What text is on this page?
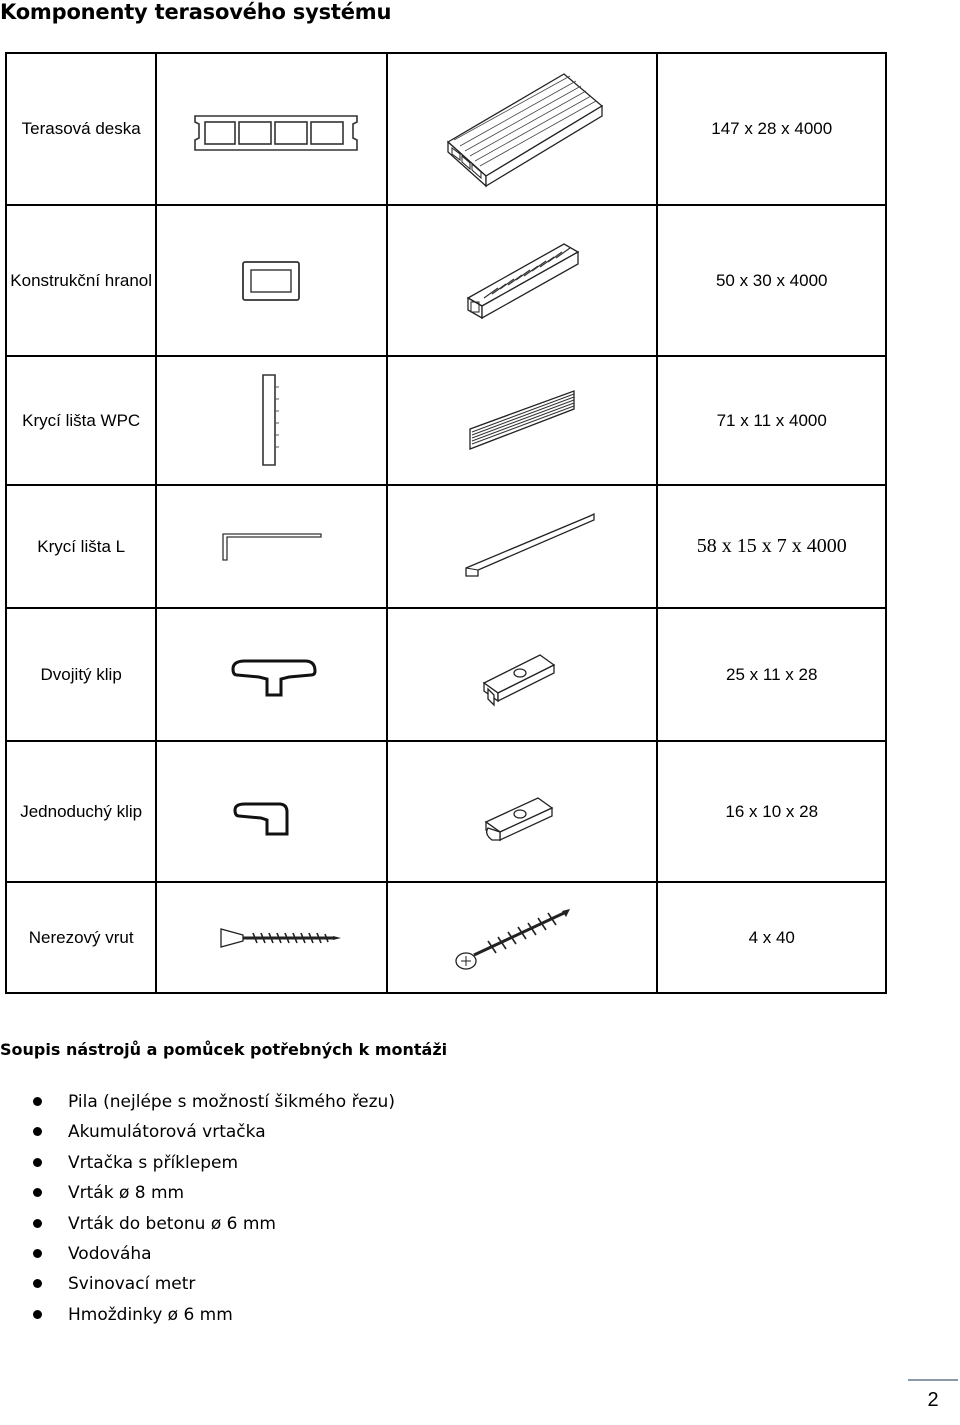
Komponenty terasového systému
Terasová deska			147 x 28 x 4000
Konstrukční hranol			50 x 30 x 4000
Krycí lišta WPC			71 x 11 x 4000
Krycí lišta L			58 x 15 x 7 x 4000
Dvojitý klip			25 x 11 x 28
Jednoduchý klip			16 x 10 x 28
Nerezový vrut			4 x 40
Soupis nástrojů a pomůcek potřebných k montáži
Pila (nejlépe s možností šikmého řezu)
Akumulátorová vrtačka
Vrtačka s příklepem
Vrták ø 8 mm
Vrták do betonu ø 6 mm
Vodováha
Svinovací metr
Hmoždinky ø 6 mm
2
